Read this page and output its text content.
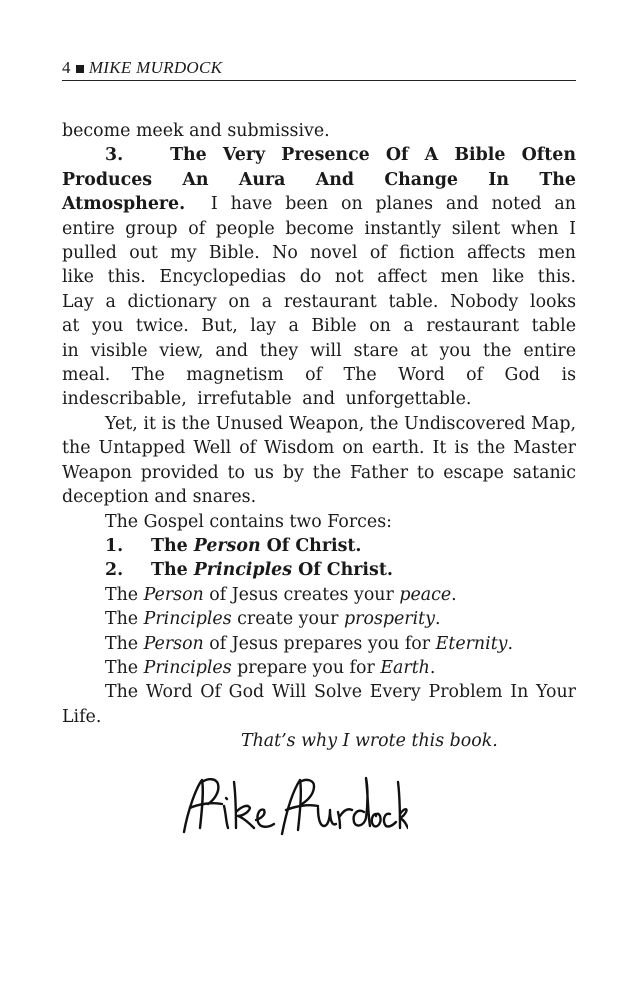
4 MIKE MURDOCK

become meek and submissive.

3.	The Very Presence Of A Bible Often Produces An Aura And Change In The Atmosphere. I have been on planes and noted an entire group of people become instantly silent when I pulled out my Bible. No novel of fiction affects men like this. Encyclopedias do not affect men like this. Lay a dictionary on a restaurant table. Nobody looks at you twice. But, lay a Bible on a restaurant table in visible view, and they will stare at you the entire meal. The magnetism of The Word of God is indescribable, irrefutable and unforgettable.

Yet, it is the Unused Weapon, the Undiscovered Map, the Untapped Well of Wisdom on earth. It is the Master Weapon provided to us by the Father to escape satanic deception and snares.

The Gospel contains two Forces:

1. The Person Of Christ.
2. The Principles Of Christ.

The Person of Jesus creates your peace.

The Principles create your prosperity.

The Person of Jesus prepares you for Eternity.

The Principles prepare you for Earth.

The Word Of God Will Solve Every Problem In Your Life.

That’s why I wrote this book.
